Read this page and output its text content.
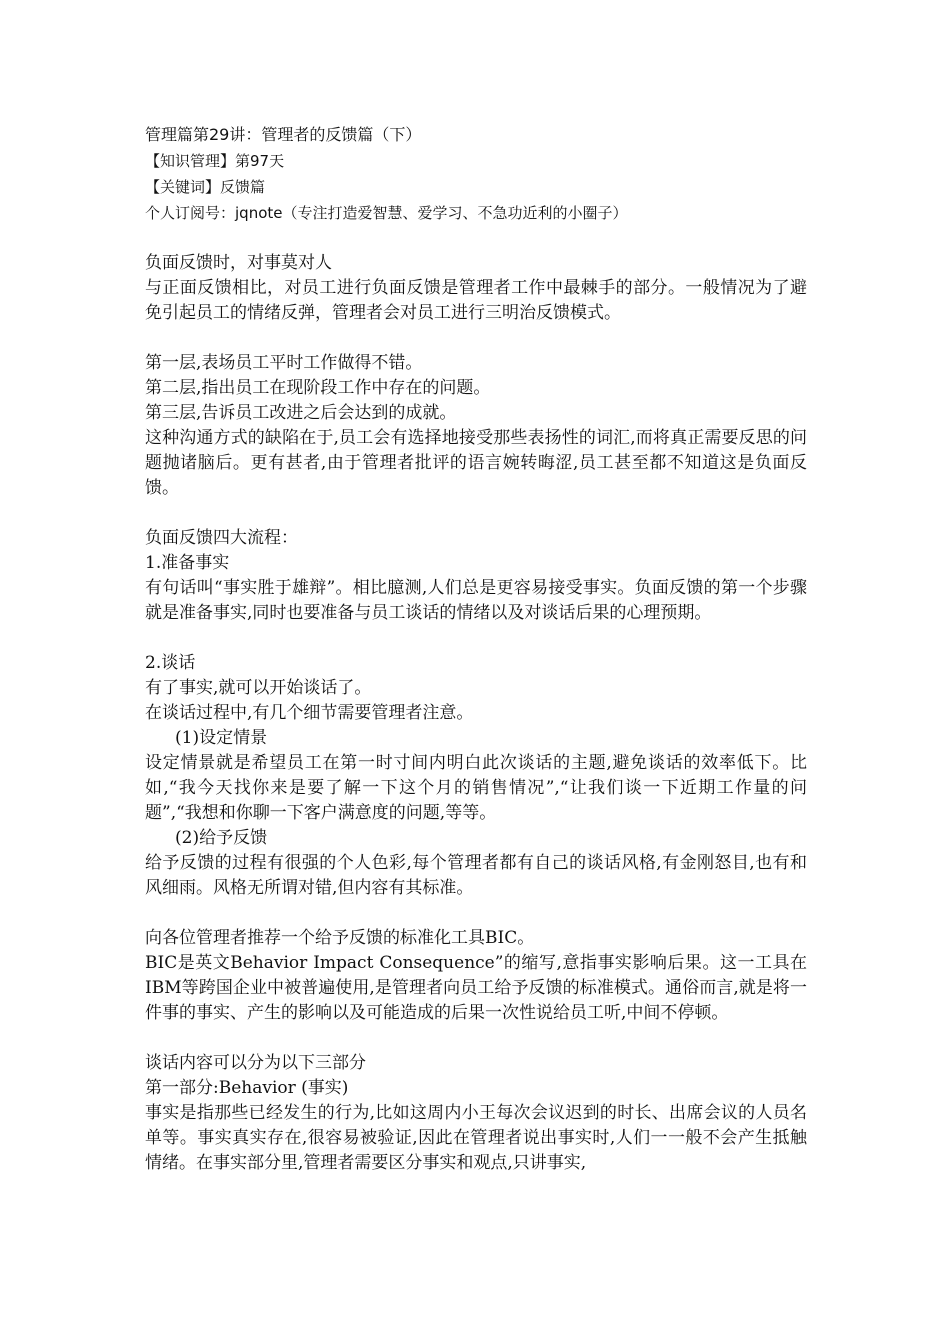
管理篇第29讲：管理者的反馈篇（下）
【知识管理】第97天
【关键词】反馈篇
个人订阅号：jqnote（专注打造爱智慧、爱学习、不急功近利的小圈子）

负面反馈时，对事莫对人

与正面反馈相比，对员工进行负面反馈是管理者工作中最棘手的部分。一般情况为了避免引起员工的情绪反弹，管理者会对员工进行三明治反馈模式。

第一层,表场员工平时工作做得不错。

第二层,指出员工在现阶段工作中存在的问题。

第三层,告诉员工改进之后会达到的成就。

这种沟通方式的缺陷在于,员工会有选择地接受那些表扬性的词汇,而将真正需要反思的问题抛诸脑后。更有甚者,由于管理者批评的语言婉转晦涩,员工甚至都不知道这是负面反馈。

负面反馈四大流程：

1.准备事实

有句话叫“事实胜于雄辩”。相比臆测,人们总是更容易接受事实。负面反馈的第一个步骤就是准备事实,同时也要准备与员工谈话的情绪以及对谈话后果的心理预期。

2.谈话

有了事实,就可以开始谈话了。

在谈话过程中,有几个细节需要管理者注意。

(1)设定情景

设定情景就是希望员工在第一时寸间内明白此次谈话的主题,避免谈话的效率低下。比如,“我今天找你来是要了解一下这个月的销售情况”,“让我们谈一下近期工作量的问题”,“我想和你聊一下客户满意度的问题,等等。

(2)给予反馈

给予反馈的过程有很强的个人色彩,每个管理者都有自己的谈话风格,有金刚怒目,也有和风细雨。风格无所谓对错,但内容有其标准。

向各位管理者推荐一个给予反馈的标准化工具BIC。

BIC是英文Behavior Impact Consequence”的缩写,意指事实影响后果。这一工具在IBM等跨国企业中被普遍使用,是管理者向员工给予反馈的标准模式。通俗而言,就是将一件事的事实、产生的影响以及可能造成的后果一次性说给员工听,中间不停顿。

谈话内容可以分为以下三部分

第一部分:Behavior (事实)

事实是指那些已经发生的行为,比如这周内小王每次会议迟到的时长、出席会议的人员名单等。事实真实存在,很容易被验证,因此在管理者说出事实时,人们一一般不会产生抵触情绪。在事实部分里,管理者需要区分事实和观点,只讲事实,
